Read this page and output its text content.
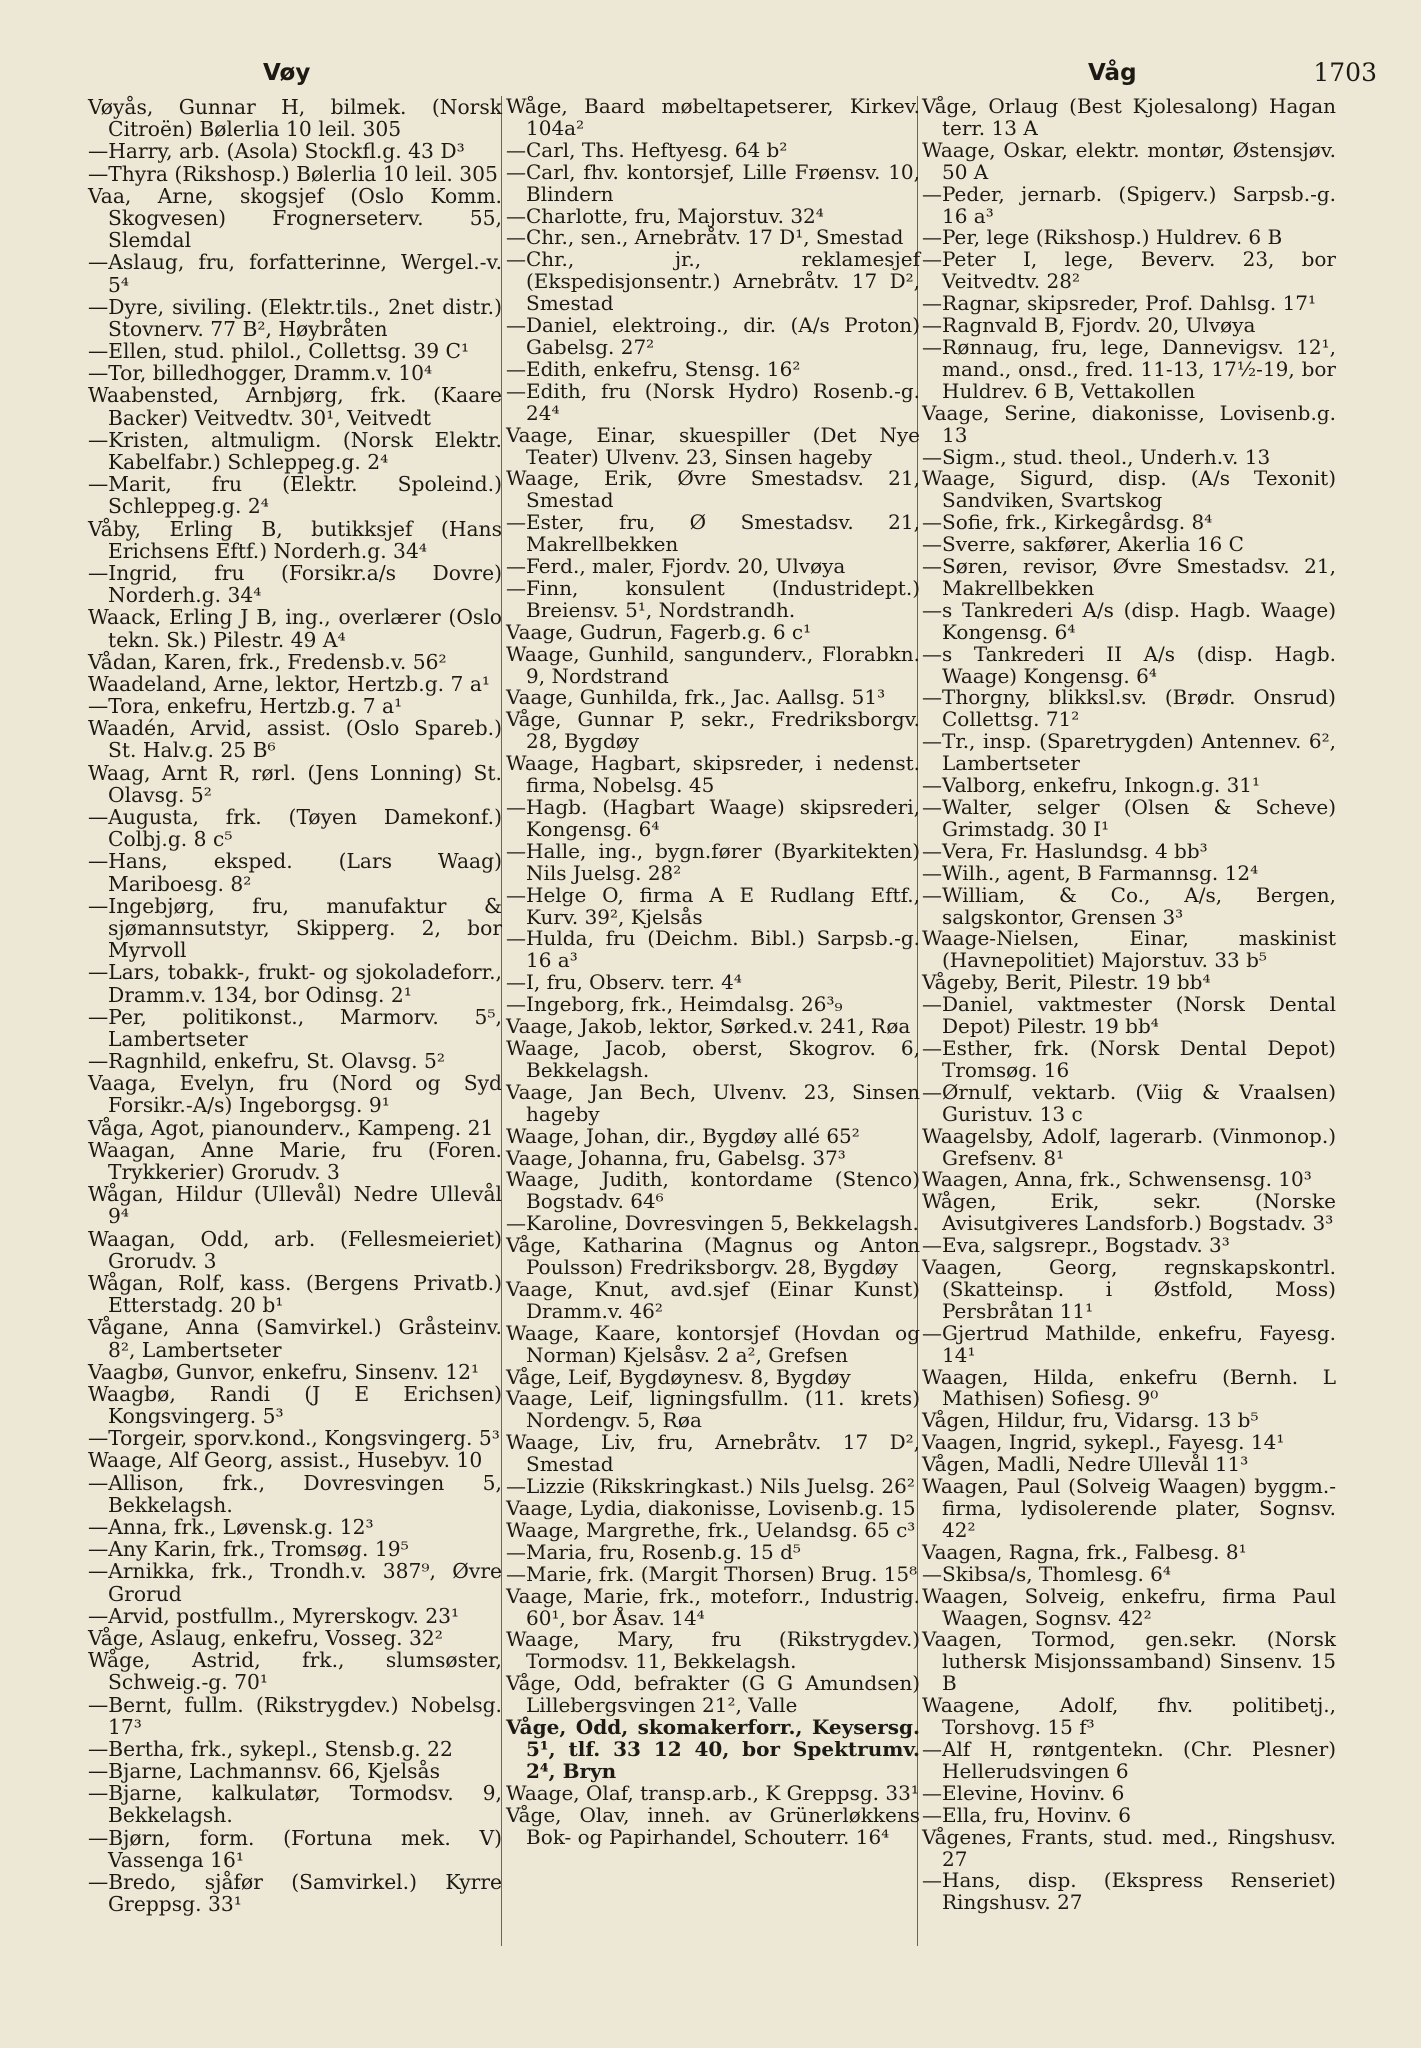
Vøy	Våg	1703

Vøyås, Gunnar H, bilmek. (Norsk Citroën) Bølerlia 10 leil. 305

—Harry, arb. (Asola) Stockfl.g. 43 D³

—Thyra (Rikshosp.) Bølerlia 10 leil. 305

Vaa, Arne, skogsjef (Oslo Komm. Skogvesen) Frognerseterv. 55, Slemdal

—Aslaug, fru, forfatterinne, Wergel.-v. 5⁴

—Dyre, siviling. (Elektr.tils., 2net distr.) Stovnerv. 77 B², Høybråten

—Ellen, stud. philol., Collettsg. 39 C¹

—Tor, billedhogger, Dramm.v. 10⁴

Waabensted, Arnbjørg, frk. (Kaare Backer) Veitvedtv. 30¹, Veitvedt

—Kristen, altmuligm. (Norsk Elektr. Kabelfabr.) Schleppeg.g. 2⁴

—Marit, fru (Elektr. Spoleind.) Schleppeg.g. 2⁴

Våby, Erling B, butikksjef (Hans Erichsens Eftf.) Norderh.g. 34⁴

—Ingrid, fru (Forsikr.a/s Dovre) Norderh.g. 34⁴

Waack, Erling J B, ing., overlærer (Oslo tekn. Sk.) Pilestr. 49 A⁴

Vådan, Karen, frk., Fredensb.v. 56²

Waadeland, Arne, lektor, Hertzb.g. 7 a¹

—Tora, enkefru, Hertzb.g. 7 a¹

Waadén, Arvid, assist. (Oslo Spareb.) St. Halv.g. 25 B⁶

Waag, Arnt R, rørl. (Jens Lonning) St. Olavsg. 5²

—Augusta, frk. (Tøyen Damekonf.) Colbj.g. 8 c⁵

—Hans, eksped. (Lars Waag) Mariboesg. 8²

—Ingebjørg, fru, manufaktur & sjømannsutstyr, Skipperg. 2, bor Myrvoll

—Lars, tobakk-, frukt- og sjokoladeforr., Dramm.v. 134, bor Odinsg. 2¹

—Per, politikonst., Marmorv. 5⁵, Lambertseter

—Ragnhild, enkefru, St. Olavsg. 5²

Vaaga, Evelyn, fru (Nord og Syd Forsikr.-A/s) Ingeborgsg. 9¹

Våga, Agot, pianounderv., Kampeng. 21

Waagan, Anne Marie, fru (Foren. Trykkerier) Grorudv. 3

Wågan, Hildur (Ullevål) Nedre Ullevål 9⁴

Waagan, Odd, arb. (Fellesmeieriet) Grorudv. 3

Wågan, Rolf, kass. (Bergens Privatb.) Etterstadg. 20 b¹

Vågane, Anna (Samvirkel.) Gråsteinv. 8², Lambertseter

Vaagbø, Gunvor, enkefru, Sinsenv. 12¹

Waagbø, Randi (J E Erichsen) Kongsvingerg. 5³

—Torgeir, sporv.kond., Kongsvingerg. 5³

Waage, Alf Georg, assist., Husebyv. 10

—Allison, frk., Dovresvingen 5, Bekkelagsh.

—Anna, frk., Løvensk.g. 12³

—Any Karin, frk., Tromsøg. 19⁵

—Arnikka, frk., Trondh.v. 387⁹, Øvre Grorud

—Arvid, postfullm., Myrerskogv. 23¹

Våge, Aslaug, enkefru, Vosseg. 32²

Wåge, Astrid, frk., slumsøster, Schweig.-g. 70¹

—Bernt, fullm. (Rikstrygdev.) Nobelsg. 17³

—Bertha, frk., sykepl., Stensb.g. 22

—Bjarne, Lachmannsv. 66, Kjelsås

—Bjarne, kalkulatør, Tormodsv. 9, Bekkelagsh.

—Bjørn, form. (Fortuna mek. V) Vassenga 16¹

—Bredo, sjåfør (Samvirkel.) Kyrre Greppsg. 33¹

Wåge, Baard møbeltapetserer, Kirkev. 104a²

—Carl, Ths. Heftyesg. 64 b²

—Carl, fhv. kontorsjef, Lille Frøensv. 10, Blindern

—Charlotte, fru, Majorstuv. 32⁴

—Chr., sen., Arnebråtv. 17 D¹, Smestad

—Chr., jr., reklamesjef (Ekspedisjonsentr.) Arnebråtv. 17 D², Smestad

—Daniel, elektroing., dir. (A/s Proton) Gabelsg. 27²

—Edith, enkefru, Stensg. 16²

—Edith, fru (Norsk Hydro) Rosenb.-g. 24⁴

Vaage, Einar, skuespiller (Det Nye Teater) Ulvenv. 23, Sinsen hageby

Waage, Erik, Øvre Smestadsv. 21, Smestad

—Ester, fru, Ø Smestadsv. 21, Makrellbekken

—Ferd., maler, Fjordv. 20, Ulvøya

—Finn, konsulent (Industridept.) Breiensv. 5¹, Nordstrandh.

Vaage, Gudrun, Fagerb.g. 6 c¹

Waage, Gunhild, sangunderv., Florabkn. 9, Nordstrand

Vaage, Gunhilda, frk., Jac. Aallsg. 51³

Våge, Gunnar P, sekr., Fredriksborgv. 28, Bygdøy

Waage, Hagbart, skipsreder, i nedenst. firma, Nobelsg. 45

—Hagb. (Hagbart Waage) skipsrederi, Kongensg. 6⁴

—Halle, ing., bygn.fører (Byarkitekten) Nils Juelsg. 28²

—Helge O, firma A E Rudlang Eftf., Kurv. 39², Kjelsås

—Hulda, fru (Deichm. Bibl.) Sarpsb.-g. 16 a³

—I, fru, Observ. terr. 4⁴

—Ingeborg, frk., Heimdalsg. 26³₉

Vaage, Jakob, lektor, Sørked.v. 241, Røa

Waage, Jacob, oberst, Skogrov. 6, Bekkelagsh.

Vaage, Jan Bech, Ulvenv. 23, Sinsen hageby

Waage, Johan, dir., Bygdøy allé 65²

Vaage, Johanna, fru, Gabelsg. 37³

Waage, Judith, kontordame (Stenco) Bogstadv. 64⁶

—Karoline, Dovresvingen 5, Bekkelagsh.

Våge, Katharina (Magnus og Anton Poulsson) Fredriksborgv. 28, Bygdøy

Vaage, Knut, avd.sjef (Einar Kunst) Dramm.v. 46²

Waage, Kaare, kontorsjef (Hovdan og Norman) Kjelsåsv. 2 a², Grefsen

Våge, Leif, Bygdøynesv. 8, Bygdøy

Vaage, Leif, ligningsfullm. (11. krets) Nordengv. 5, Røa

Waage, Liv, fru, Arnebråtv. 17 D², Smestad

—Lizzie (Rikskringkast.) Nils Juelsg. 26²

Vaage, Lydia, diakonisse, Lovisenb.g. 15

Waage, Margrethe, frk., Uelandsg. 65 c³

—Maria, fru, Rosenb.g. 15 d⁵

—Marie, frk. (Margit Thorsen) Brug. 15⁸

Vaage, Marie, frk., moteforr., Industrig. 60¹, bor Åsav. 14⁴

Waage, Mary, fru (Rikstrygdev.) Tormodsv. 11, Bekkelagsh.

Våge, Odd, befrakter (G G Amundsen) Lillebergsvingen 21², Valle

Våge, Odd, skomakerforr., Keysersg. 5¹, tlf. 33 12 40, bor Spektrumv. 2⁴, Bryn

Waage, Olaf, transp.arb., K Greppsg. 33¹

Våge, Olav, inneh. av Grünerløkkens Bok- og Papirhandel, Schouterr. 16⁴

Våge, Orlaug (Best Kjolesalong) Hagan terr. 13 A

Waage, Oskar, elektr. montør, Østensjøv. 50 A

—Peder, jernarb. (Spigerv.) Sarpsb.-g. 16 a³

—Per, lege (Rikshosp.) Huldrev. 6 B

—Peter I, lege, Beverv. 23, bor Veitvedtv. 28²

—Ragnar, skipsreder, Prof. Dahlsg. 17¹

—Ragnvald B, Fjordv. 20, Ulvøya

—Rønnaug, fru, lege, Dannevigsv. 12¹, mand., onsd., fred. 11-13, 17½-19, bor Huldrev. 6 B, Vettakollen

Vaage, Serine, diakonisse, Lovisenb.g. 13

—Sigm., stud. theol., Underh.v. 13

Waage, Sigurd, disp. (A/s Texonit) Sandviken, Svartskog

—Sofie, frk., Kirkegårdsg. 8⁴

—Sverre, sakfører, Akerlia 16 C

—Søren, revisor, Øvre Smestadsv. 21, Makrellbekken

—s Tankrederi A/s (disp. Hagb. Waage) Kongensg. 6⁴

—s Tankrederi II A/s (disp. Hagb. Waage) Kongensg. 6⁴

—Thorgny, blikksl.sv. (Brødr. Onsrud) Collettsg. 71²

—Tr., insp. (Sparetrygden) Antennev. 6², Lambertseter

—Valborg, enkefru, Inkogn.g. 31¹

—Walter, selger (Olsen & Scheve) Grimstadg. 30 I¹

—Vera, Fr. Haslundsg. 4 bb³

—Wilh., agent, B Farmannsg. 12⁴

—William, & Co., A/s, Bergen, salgskontor, Grensen 3³

Waage-Nielsen, Einar, maskinist (Havnepolitiet) Majorstuv. 33 b⁵

Vågeby, Berit, Pilestr. 19 bb⁴

—Daniel, vaktmester (Norsk Dental Depot) Pilestr. 19 bb⁴

—Esther, frk. (Norsk Dental Depot) Tromsøg. 16

—Ørnulf, vektarb. (Viig & Vraalsen) Guristuv. 13 c

Waagelsby, Adolf, lagerarb. (Vinmonop.) Grefsenv. 8¹

Waagen, Anna, frk., Schwensensg. 10³

Wågen, Erik, sekr. (Norske Avisutgiveres Landsforb.) Bogstadv. 3³

—Eva, salgsrepr., Bogstadv. 3³

Vaagen, Georg, regnskapskontrl. (Skatteinsp. i Østfold, Moss) Persbråtan 11¹

—Gjertrud Mathilde, enkefru, Fayesg. 14¹

Waagen, Hilda, enkefru (Bernh. L Mathisen) Sofiesg. 9⁰

Vågen, Hildur, fru, Vidarsg. 13 b⁵

Vaagen, Ingrid, sykepl., Fayesg. 14¹

Vågen, Madli, Nedre Ullevål 11³

Waagen, Paul (Solveig Waagen) byggm.-firma, lydisolerende plater, Sognsv. 42²

Vaagen, Ragna, frk., Falbesg. 8¹

—Skibsa/s, Thomlesg. 6⁴

Waagen, Solveig, enkefru, firma Paul Waagen, Sognsv. 42²

Vaagen, Tormod, gen.sekr. (Norsk luthersk Misjonssamband) Sinsenv. 15 B

Waagene, Adolf, fhv. politibetj., Torshovg. 15 f³

—Alf H, røntgentekn. (Chr. Plesner) Hellerudsvingen 6

—Elevine, Hovinv. 6

—Ella, fru, Hovinv. 6

Vågenes, Frants, stud. med., Ringshusv. 27

—Hans, disp. (Ekspress Renseriet) Ringshusv. 27
